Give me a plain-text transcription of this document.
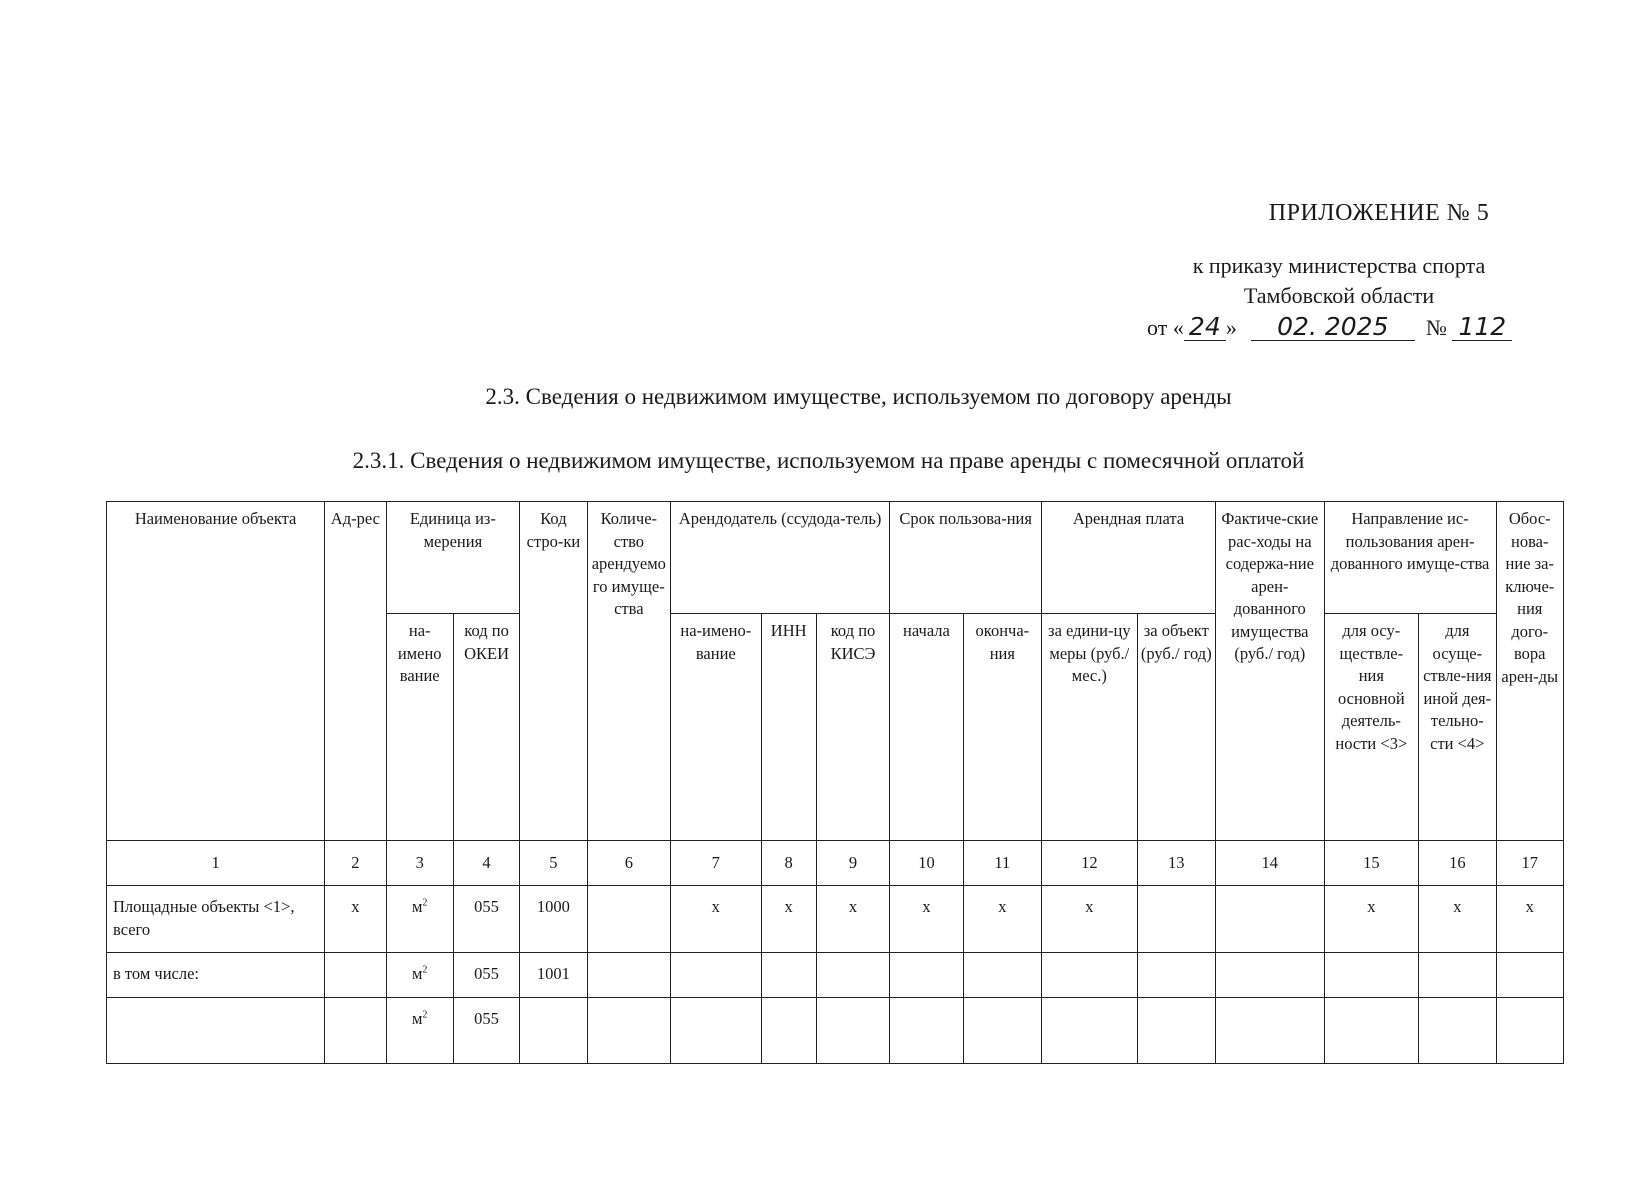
ПРИЛОЖЕНИЕ № 5
к приказу министерства спорта
Тамбовской области
от « 24 » 02. 2025 № 112
2.3. Сведения о недвижимом имуществе, используемом по договору аренды
2.3.1. Сведения о недвижимом имуществе, используемом на праве аренды с помесячной оплатой
Наименование объекта	Ад-рес	Единица из-мерения		Код стро-ки	Количе-ство арендуемого имуще-ства	Арендодатель (ссудода-тель)			Срок пользова-ния		Арендная плата		Фактиче-ские рас-ходы на содержа-ние арен-дованного имущества (руб./ год)	Направление ис-пользования арен-дованного имуще-ства		Обос-нова-ние за-ключе-ния дого-вора арен-ды
		на-имено вание	код по ОКЕИ			на-имено-вание	ИНН	код по КИСЭ	начала	оконча-ния	за едини-цу меры (руб./ мес.)	за объект (руб./ год)		для осу-ществле-ния основной деятель-ности <3>	для осуще-ствле-ния иной дея-тельно-сти <4>	
1	2	3	4	5	6	7	8	9	10	11	12	13	14	15	16	17
Площадные объекты <1>, всего	x	$м^2$	055	1000		x	x	x	x	x	x			x	x	x
в том числе:		$м^2$	055	1001												
		$м^2$	055													
